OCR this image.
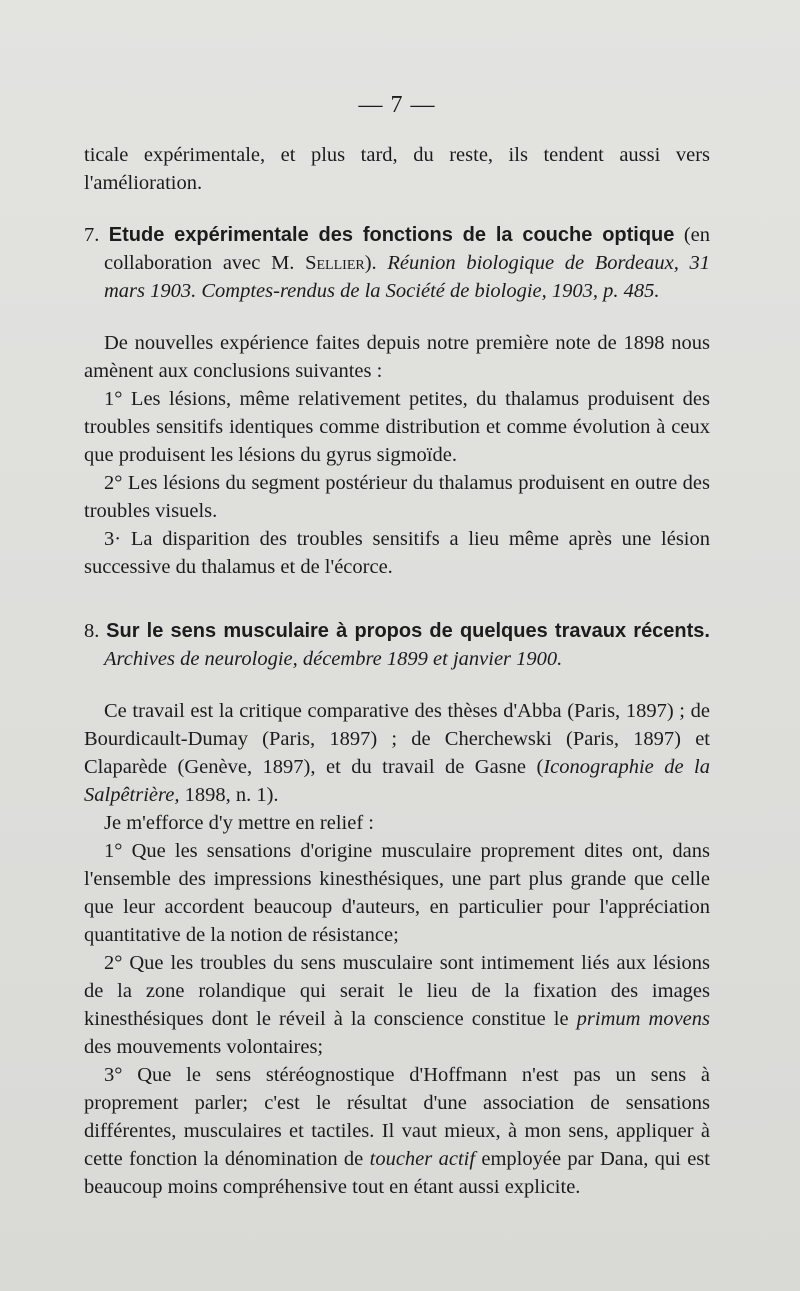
— 7 —

ticale expérimentale, et plus tard, du reste, ils tendent aussi vers l'amélioration.

7. Etude expérimentale des fonctions de la couche optique (en collaboration avec M. Sellier). Réunion biologique de Bordeaux, 31 mars 1903. Comptes-rendus de la Société de biologie, 1903, p. 485.

De nouvelles expérience faites depuis notre première note de 1898 nous amènent aux conclusions suivantes :

1° Les lésions, même relativement petites, du thalamus produisent des troubles sensitifs identiques comme distribution et comme évolution à ceux que produisent les lésions du gyrus sigmoïde.

2° Les lésions du segment postérieur du thalamus produisent en outre des troubles visuels.

3· La disparition des troubles sensitifs a lieu même après une lésion successive du thalamus et de l'écorce.

8. Sur le sens musculaire à propos de quelques travaux récents. Archives de neurologie, décembre 1899 et janvier 1900.

Ce travail est la critique comparative des thèses d'Abba (Paris, 1897) ; de Bourdicault-Dumay (Paris, 1897) ; de Cherchewski (Paris, 1897) et Claparède (Genève, 1897), et du travail de Gasne (Iconographie de la Salpêtrière, 1898, n. 1).

Je m'efforce d'y mettre en relief :

1° Que les sensations d'origine musculaire proprement dites ont, dans l'ensemble des impressions kinesthésiques, une part plus grande que celle que leur accordent beaucoup d'auteurs, en particulier pour l'appréciation quantitative de la notion de résistance;

2° Que les troubles du sens musculaire sont intimement liés aux lésions de la zone rolandique qui serait le lieu de la fixation des images kinesthésiques dont le réveil à la conscience constitue le primum movens des mouvements volontaires;

3° Que le sens stéréognostique d'Hoffmann n'est pas un sens à proprement parler; c'est le résultat d'une association de sensations différentes, musculaires et tactiles. Il vaut mieux, à mon sens, appliquer à cette fonction la dénomination de toucher actif employée par Dana, qui est beaucoup moins compréhensive tout en étant aussi explicite.
